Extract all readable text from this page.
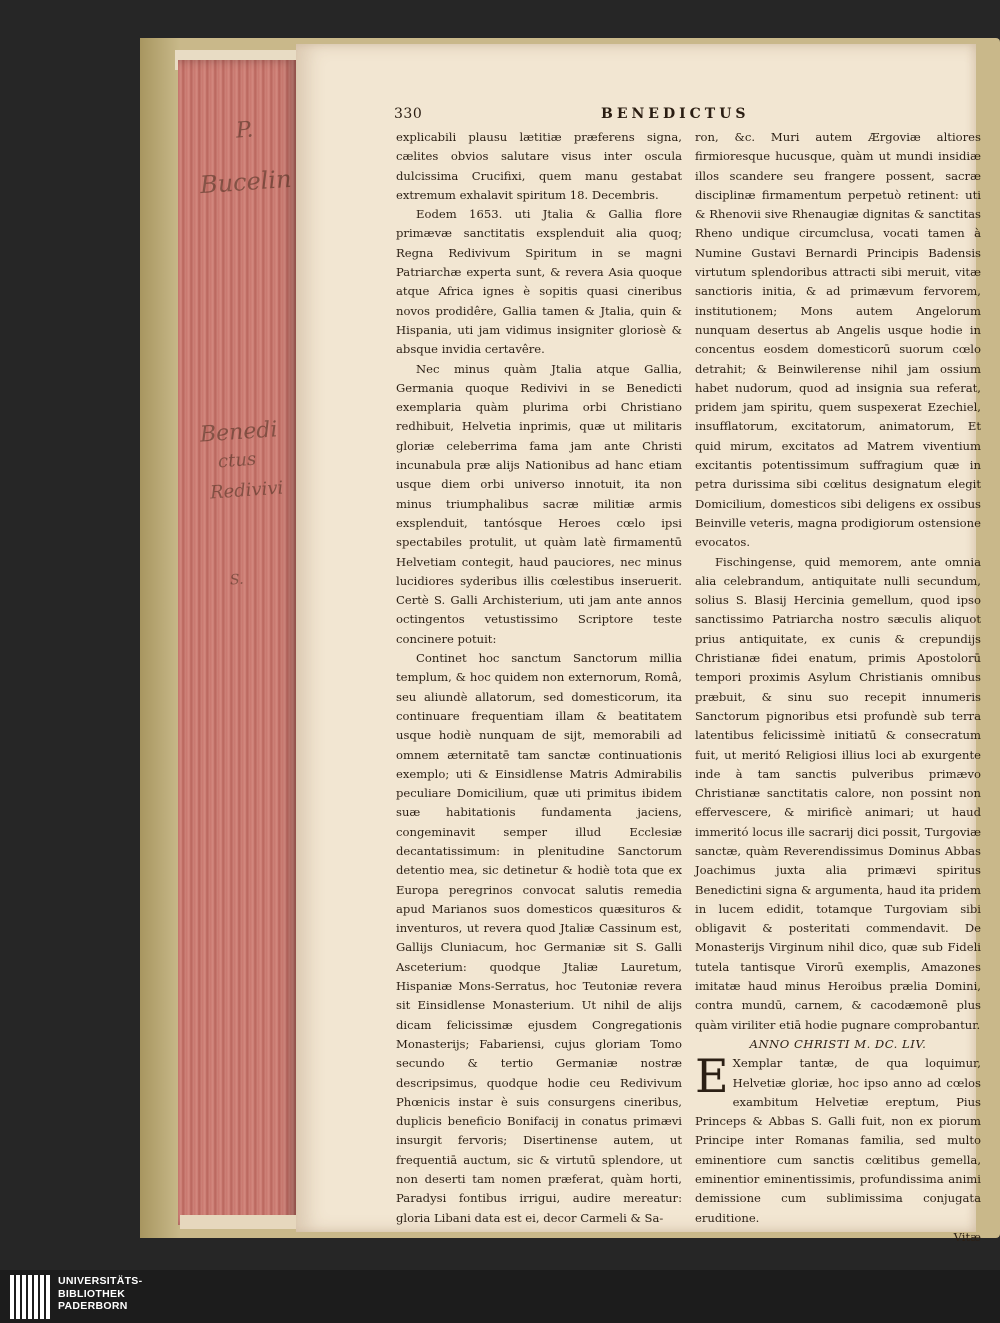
P.
Bucelin
Benedi
ctus
Redivivi
S.
330	BENEDICTUS

explicabili plausu lætitiæ præferens signa, cælites obvios salutare visus inter oscula dulcissima Crucifixi, quem manu gestabat extremum exhalavit spiritum 18. Decembris.

Eodem 1653. uti Jtalia & Gallia flore primævæ sanctitatis exsplenduit alia quoq; Regna Redivivum Spiritum in se magni Patriarchæ experta sunt, & revera Asia quoque atque Africa ignes è sopitis quasi cineribus novos prodidêre, Gallia tamen & Jtalia, quin & Hispania, uti jam vidimus insigniter gloriosè & absque invidia certavêre.

Nec minus quàm Jtalia atque Gallia, Germania quoque Redivivi in se Benedicti exemplaria quàm plurima orbi Christiano redhibuit, Helvetia inprimis, quæ ut militaris gloriæ celeberrima fama jam ante Christi incunabula præ alijs Nationibus ad hanc etiam usque diem orbi universo innotuit, ita non minus triumphalibus sacræ militiæ armis exsplenduit, tantósque Heroes cœlo ipsi spectabiles protulit, ut quàm latè firmamentū Helvetiam contegit, haud pauciores, nec minus lucidiores syderibus illis cœlestibus inseruerit. Certè S. Galli Archisterium, uti jam ante annos octingentos vetustissimo Scriptore teste concinere potuit:

Continet hoc sanctum Sanctorum millia templum, & hoc quidem non externorum, Româ, seu aliundè allatorum, sed domesticorum, ita continuare frequentiam illam & beatitatem usque hodiè nunquam de sijt, memorabili ad omnem æternitatē tam sanctæ continuationis exemplo; uti & Einsidlense Matris Admirabilis peculiare Domicilium, quæ uti primitus ibidem suæ habitationis fundamenta jaciens, congeminavit semper illud Ecclesiæ decantatissimum: in plenitudine Sanctorum detentio mea, sic detinetur & hodiè tota que ex Europa peregrinos convocat salutis remedia apud Marianos suos domesticos quæsituros & inventuros, ut revera quod Jtaliæ Cassinum est, Gallijs Cluniacum, hoc Germaniæ sit S. Galli Asceterium: quodque Jtaliæ Lauretum, Hispaniæ Mons-Serratus, hoc Teutoniæ revera sit Einsidlense Monasterium. Ut nihil de alijs dicam felicissimæ ejusdem Congregationis Monasterijs; Fabariensi, cujus gloriam Tomo secundo & tertio Germaniæ nostræ descripsimus, quodque hodie ceu Redivivum Phœnicis instar è suis consurgens cineribus, duplicis beneficio Bonifacij in conatus primævi insurgit fervoris; Disertinense autem, ut frequentiā auctum, sic & virtutū splendore, ut non deserti tam nomen præferat, quàm horti, Paradysi fontibus irrigui, audire mereatur: gloria Libani data est ei, decor Carmeli & Sa-

ron, &c. Muri autem Ærgoviæ altiores firmioresque hucusque, quàm ut mundi insidiæ illos scandere seu frangere possent, sacræ disciplinæ firmamentum perpetuò retinent: uti & Rhenovii sive Rhenaugiæ dignitas & sanctitas Rheno undique circumclusa, vocati tamen à Numine Gustavi Bernardi Principis Badensis virtutum splendoribus attracti sibi meruit, vitæ sanctioris initia, & ad primævum fervorem, institutionem; Mons autem Angelorum nunquam desertus ab Angelis usque hodie in concentus eosdem domesticorū suorum cœlo detrahit; & Beinwilerense nihil jam ossium habet nudorum, quod ad insignia sua referat, pridem jam spiritu, quem suspexerat Ezechiel, insufflatorum, excitatorum, animatorum, Et quid mirum, excitatos ad Matrem viventium excitantis potentissimum suffragium quæ in petra durissima sibi cœlitus designatum elegit Domicilium, domesticos sibi deligens ex ossibus Beinville veteris, magna prodigiorum ostensione evocatos.

Fischingense, quid memorem, ante omnia alia celebrandum, antiquitate nulli secundum, solius S. Blasij Hercinia gemellum, quod ipso sanctissimo Patriarcha nostro sæculis aliquot prius antiquitate, ex cunis & crepundijs Christianæ fidei enatum, primis Apostolorū tempori proximis Asylum Christianis omnibus præbuit, & sinu suo recepit innumeris Sanctorum pignoribus etsi profundè sub terra latentibus felicissimè initiatū & consecratum fuit, ut meritó Religiosi illius loci ab exurgente inde à tam sanctis pulveribus primævo Christianæ sanctitatis calore, non possint non effervescere, & mirificè animari; ut haud immeritó locus ille sacrarij dici possit, Turgoviæ sanctæ, quàm Reverendissimus Dominus Abbas Joachimus juxta alia primævi spiritus Benedictini signa & argumenta, haud ita pridem in lucem edidit, totamque Turgoviam sibi obligavit & posteritati commendavit. De Monasterijs Virginum nihil dico, quæ sub Fideli tutela tantisque Virorū exemplis, Amazones imitatæ haud minus Heroibus prælia Domini, contra mundū, carnem, & cacodæmonē plus quàm viriliter etiā hodie pugnare comprobantur.

ANNO CHRISTI M. DC. LIV.

E Xemplar tantæ, de qua loquimur, Helvetiæ gloriæ, hoc ipso anno ad cœlos exambitum Helvetiæ ereptum, Pius Princeps & Abbas S. Galli fuit, non ex piorum Principe inter Romanas familia, sed multo eminentiore cum sanctis cœlitibus gemella, eminentior eminentissimis, profundissima animi demissione cum sublimissima conjugata eruditione.

Vitæ

UNIVERSITÄTS-
BIBLIOTHEK
PADERBORN
